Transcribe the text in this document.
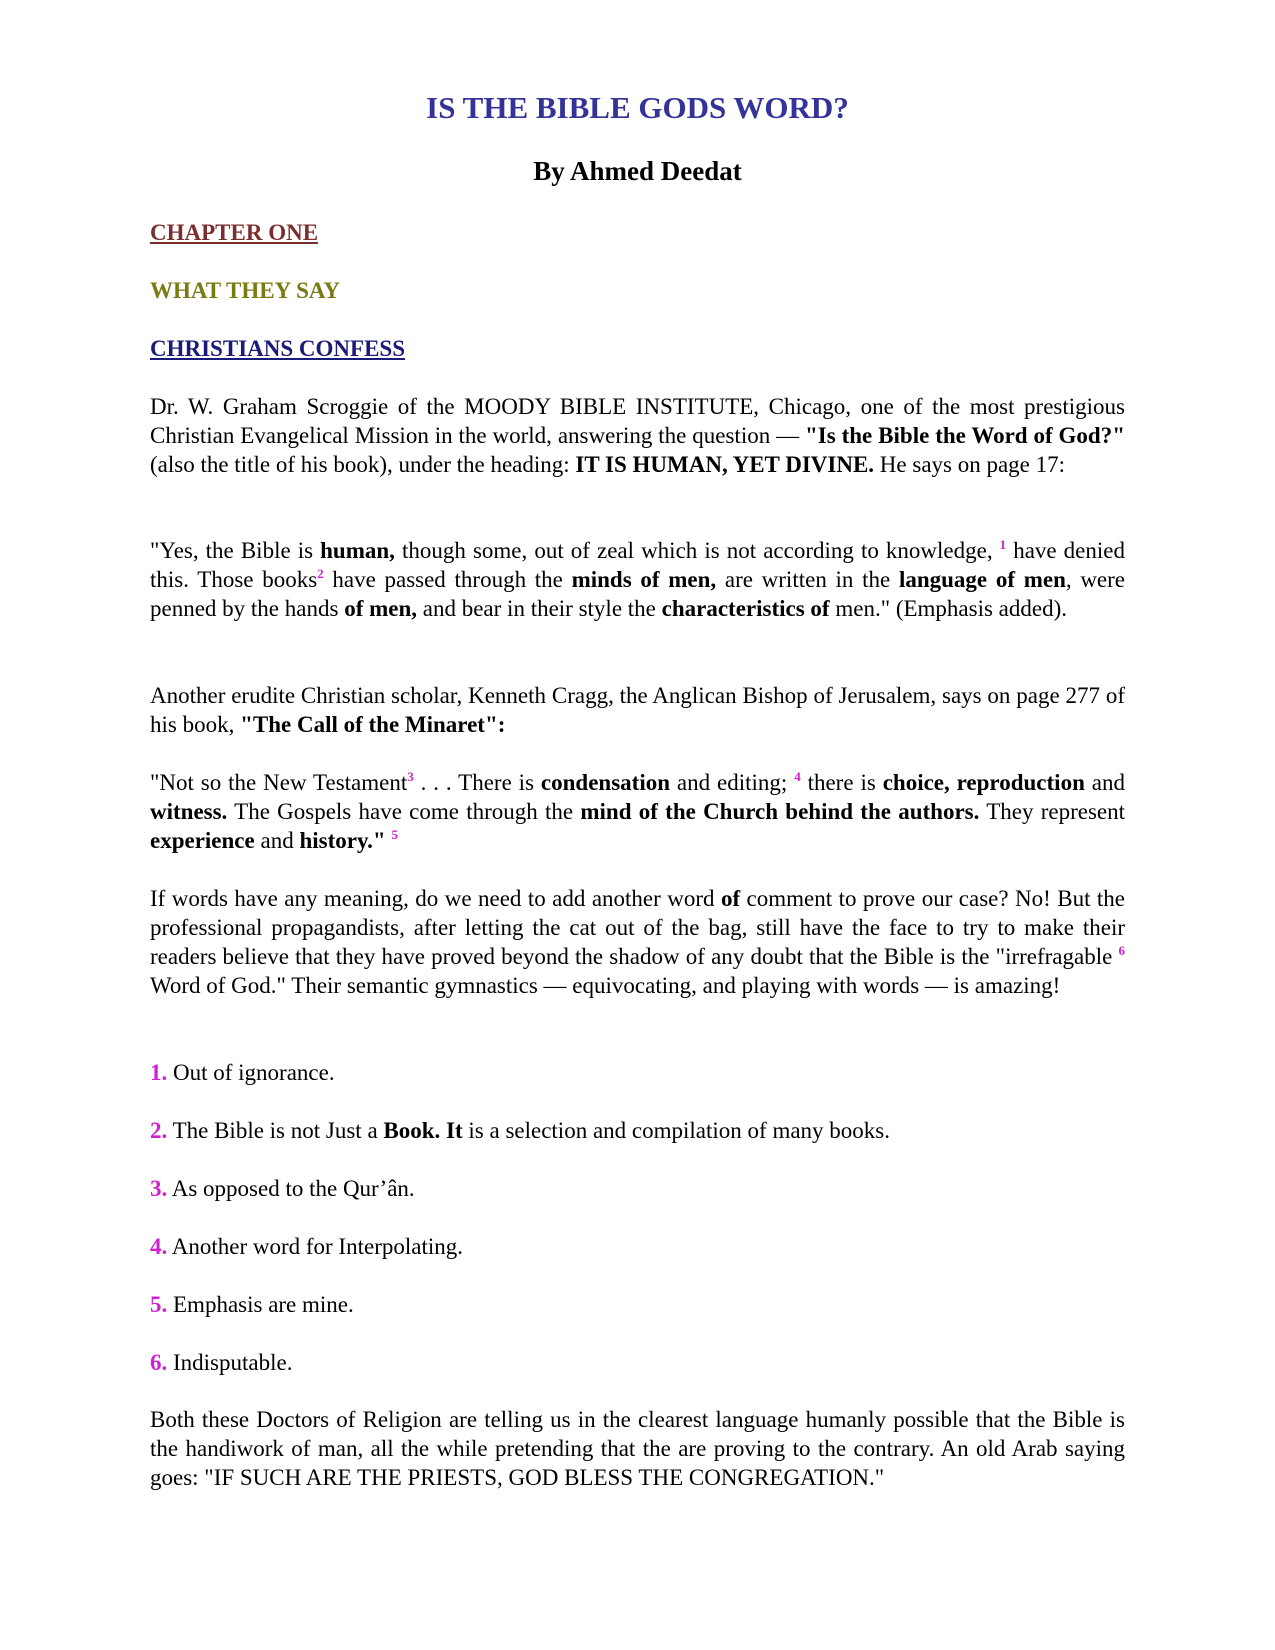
IS THE BIBLE GODS WORD?
By Ahmed Deedat
CHAPTER ONE
WHAT THEY SAY
CHRISTIANS CONFESS

Dr. W. Graham Scroggie of the MOODY BIBLE INSTITUTE, Chicago, one of the most prestigious Christian Evangelical Mission in the world, answering the question — "Is the Bible the Word of God?" (also the title of his book), under the heading: IT IS HUMAN, YET DIVINE. He says on page 17:

"Yes, the Bible is human, though some, out of zeal which is not according to knowledge, $^1$ have denied this. Those books$^2$ have passed through the minds of men, are written in the language of men, were penned by the hands of men, and bear in their style the characteristics of men." (Emphasis added).

Another erudite Christian scholar, Kenneth Cragg, the Anglican Bishop of Jerusalem, says on page 277 of his book, "The Call of the Minaret":

"Not so the New Testament$^3$ . . . There is condensation and editing; $^4$ there is choice, reproduction and witness. The Gospels have come through the mind of the Church behind the authors. They represent experience and history." $^5$

If words have any meaning, do we need to add another word of comment to prove our case? No! But the professional propagandists, after letting the cat out of the bag, still have the face to try to make their readers believe that they have proved beyond the shadow of any doubt that the Bible is the "irrefragable $^6$ Word of God." Their semantic gymnastics — equivocating, and playing with words — is amazing!

1. Out of ignorance.

2. The Bible is not Just a Book. It is a selection and compilation of many books.

3. As opposed to the Qur’ân.

4. Another word for Interpolating.

5. Emphasis are mine.

6. Indisputable.

Both these Doctors of Religion are telling us in the clearest language humanly possible that the Bible is the handiwork of man, all the while pretending that the are proving to the contrary. An old Arab saying goes: "IF SUCH ARE THE PRIESTS, GOD BLESS THE CONGREGATION."
